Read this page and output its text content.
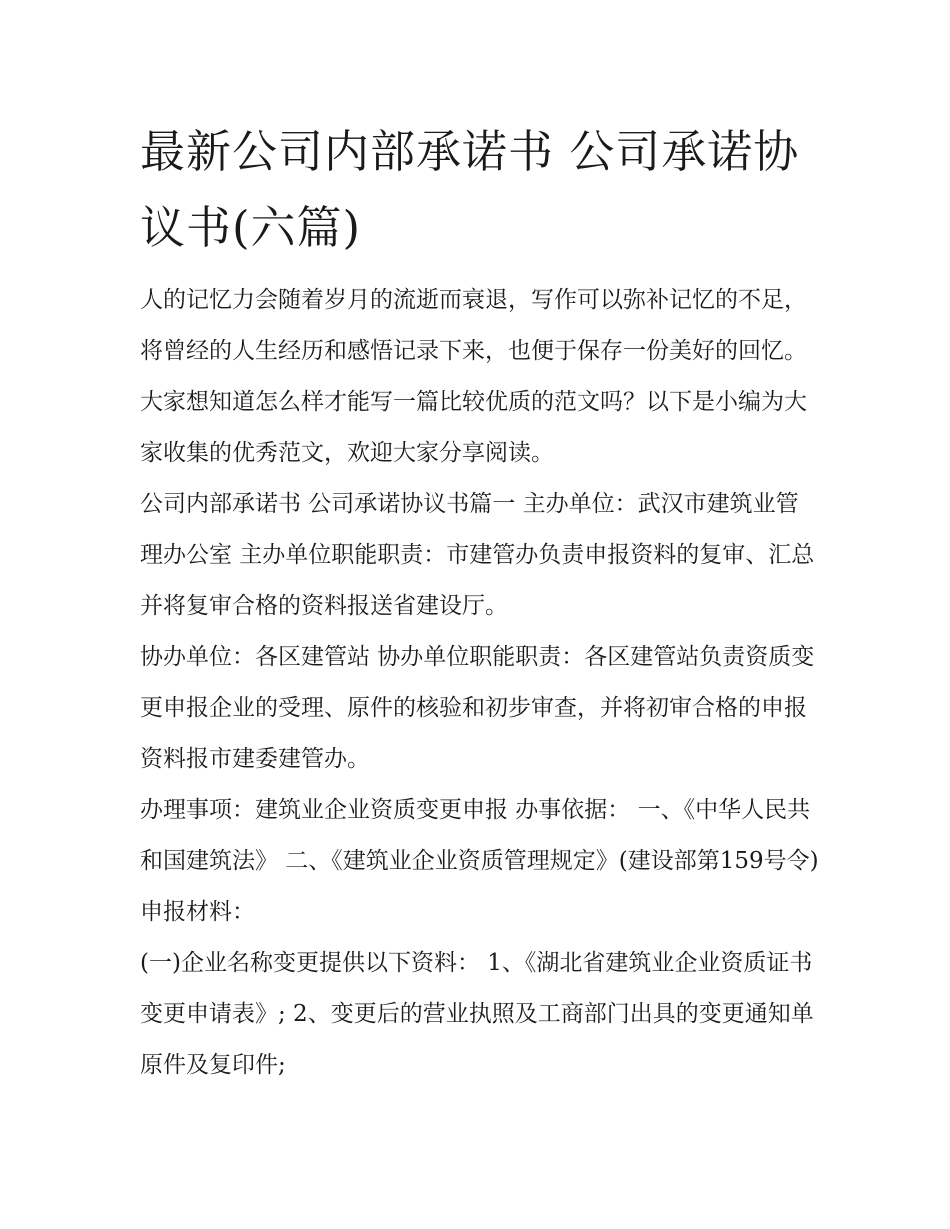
最新公司内部承诺书 公司承诺协议书(六篇)

人的记忆力会随着岁月的流逝而衰退，写作可以弥补记忆的不足，将曾经的人生经历和感悟记录下来，也便于保存一份美好的回忆。大家想知道怎么样才能写一篇比较优质的范文吗？以下是小编为大家收集的优秀范文，欢迎大家分享阅读。

公司内部承诺书 公司承诺协议书篇一 主办单位：武汉市建筑业管理办公室 主办单位职能职责：市建管办负责申报资料的复审、汇总并将复审合格的资料报送省建设厅。

协办单位：各区建管站 协办单位职能职责：各区建管站负责资质变更申报企业的受理、原件的核验和初步审查，并将初审合格的申报资料报市建委建管办。

办理事项：建筑业企业资质变更申报 办事依据： 一、《中华人民共和国建筑法》 二、《建筑业企业资质管理规定》(建设部第159号令) 申报材料：

(一)企业名称变更提供以下资料： 1、《湖北省建筑业企业资质证书变更申请表》; 2、变更后的营业执照及工商部门出具的变更通知单原件及复印件;
